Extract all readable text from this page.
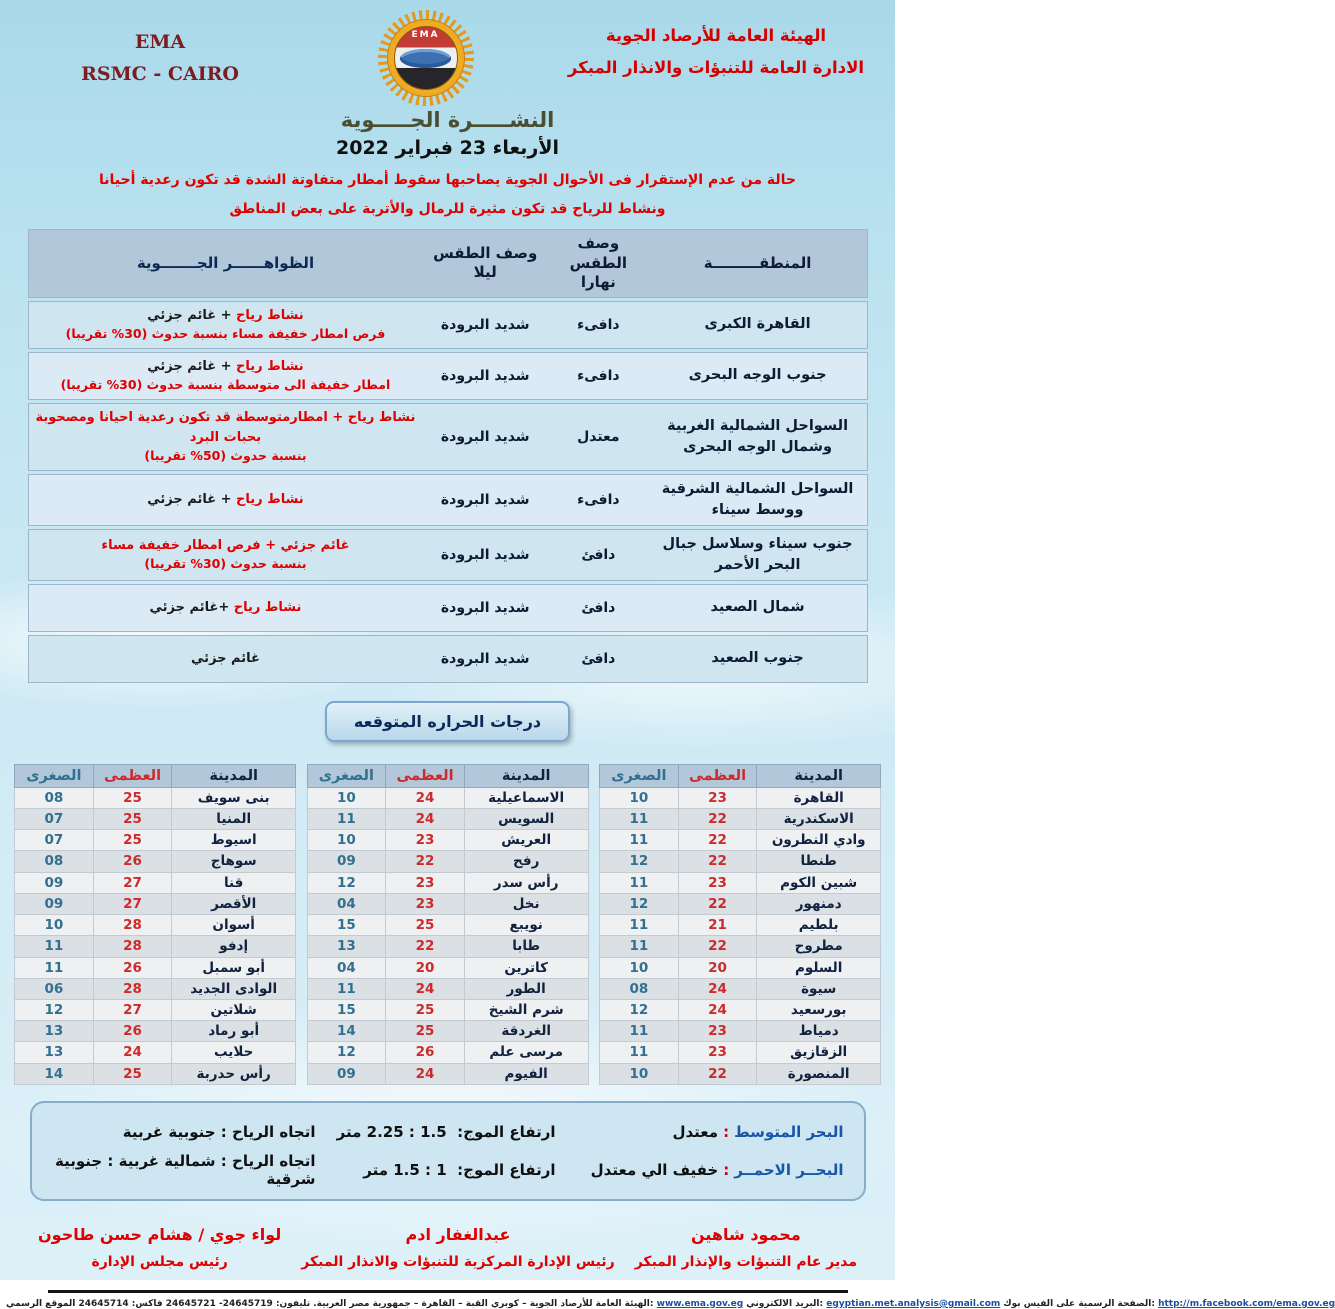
EMA
RSMC - CAIRO
EMA	الهيئة العامة للأرصاد الجوية
الادارة العامة للتنبؤات والانذار المبكر
النشـــــرة الجـــــوية
الأربعاء 23 فبراير 2022
حالة من عدم الإستقرار فى الأحوال الجوية يصاحبها سقوط أمطار متفاوتة الشدة قد تكون رعدية أحيانا
ونشاط للرياح قد تكون مثيرة للرمال والأتربة على بعض المناطق
المنطقـــــــــة
وصف الطقس
نهارا
وصف الطقس
ليلا
الظواهــــــر الجـــــــوية
القاهرة الكبرى
دافىء
شديد البرودة
نشاط رياح + غائم جزئي
فرص امطار خفيفة مساء بنسبة حدوث (30% تقريبا)
جنوب الوجه البحرى
دافىء
شديد البرودة
نشاط رياح + غائم جزئي
امطار خفيفة الى متوسطة بنسبة حدوث (30% تقريبا)
السواحل الشمالية الغربية وشمال الوجه البحرى
معتدل
شديد البرودة
نشاط رياح + امطارمتوسطة قد تكون رعدية احيانا ومصحوبة بحبات البرد
بنسبة حدوث (50% تقريبا)
السواحل الشمالية الشرقية ووسط سيناء
دافىء
شديد البرودة
نشاط رياح + غائم جزئي
جنوب سيناء وسلاسل جبال البحر الأحمر
دافئ
شديد البرودة
غائم جزئي + فرص امطار خفيفة مساء
بنسبة حدوث (30% تقريبا)
شمال الصعيد
دافئ
شديد البرودة
نشاط رياح +غائم جزئي
جنوب الصعيد
دافئ
شديد البرودة
غائم جزئي
درجات الحراره المتوقعه
المدينة	العظمى	الصغرى
القاهرة	23	10
الاسكندرية	22	11
وادي النطرون	22	11
طنطا	22	12
شبين الكوم	23	11
دمنهور	22	12
بلطيم	21	11
مطروح	22	11
السلوم	20	10
سيوة	24	08
بورسعيد	24	12
دمياط	23	11
الزقازيق	23	11
المنصورة	22	10
المدينة	العظمى	الصغرى
الاسماعيلية	24	10
السويس	24	11
العريش	23	10
رفح	22	09
رأس سدر	23	12
نخل	23	04
نويبع	25	15
طابا	22	13
كاترين	20	04
الطور	24	11
شرم الشيخ	25	15
الغردقة	25	14
مرسى علم	26	12
الفيوم	24	09
المدينة	العظمى	الصغرى
بنى سويف	25	08
المنيا	25	07
اسيوط	25	07
سوهاج	26	08
قنا	27	09
الأقصر	27	09
أسوان	28	10
إدفو	28	11
أبو سمبل	26	11
الوادى الجديد	28	06
شلاتين	27	12
أبو رماد	26	13
حلايب	24	13
رأس حدربة	25	14
البحر المتوسط:معتدل
ارتفاع الموج:  1.5 : 2.25 متر
اتجاه الرياح : جنوبية غربية
البحــر الاحمــر:خفيف الي معتدل
ارتفاع الموج:  1 : 1.5 متر
اتجاه الرياح : شمالية غربية : جنوبية شرقية
محمود شاهين
مدير عام التنبؤات والإنذار المبكر
عبدالغفار ادم
رئيس الإدارة المركزية للتنبؤات والانذار المبكر
لواء جوي / هشام حسن طاحون
رئيس مجلس الإدارة
الهيئة العامة للأرصاد الجوية – كوبري القبة – القاهرة – جمهورية مصر العربية. تليفون: 24645719- 24645721 فاكس: 24645714 الموقع الرسمي: www.ema.gov.eg البريد الالكتروني: egyptian.met.analysis@gmail.com الصفحة الرسمية على الفيس بوك: http://m.facebook.com/ema.gov.eg
